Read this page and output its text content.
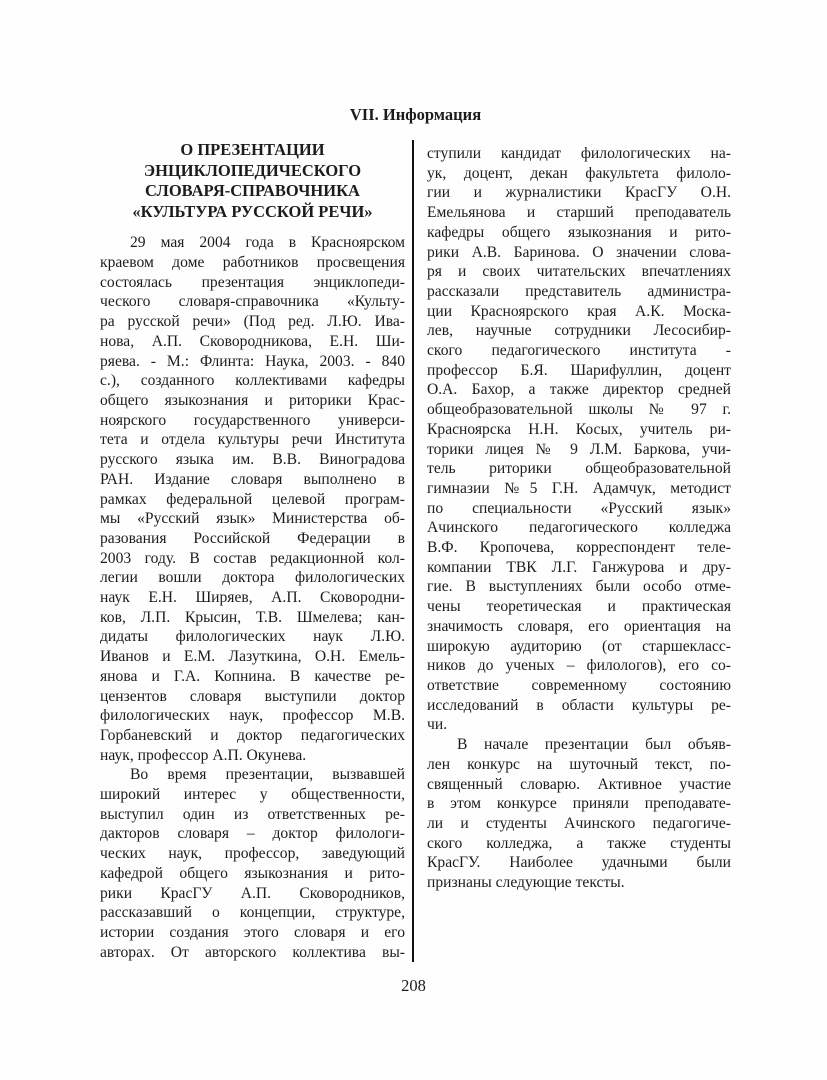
VII. Информация
О ПРЕЗЕНТАЦИИ
ЭНЦИКЛОПЕДИЧЕСКОГО
СЛОВАРЯ-СПРАВОЧНИКА
«КУЛЬТУРА РУССКОЙ РЕЧИ»
29 мая 2004 года в Красноярском
краевом доме работников просвещения
состоялась презентация энциклопеди-
ческого словаря-справочника «Культу-
ра русской речи» (Под ред. Л.Ю. Ива-
нова, А.П. Сковородникова, Е.Н. Ши-
ряева. - М.: Флинта: Наука, 2003. - 840
с.), созданного коллективами кафедры
общего языкознания и риторики Крас-
ноярского государственного универси-
тета и отдела культуры речи Института
русского языка им. В.В. Виноградова
РАН. Издание словаря выполнено в
рамках федеральной целевой програм-
мы «Русский язык» Министерства об-
разования Российской Федерации в
2003 году. В состав редакционной кол-
легии вошли доктора филологических
наук Е.Н. Ширяев, А.П. Сковородни-
ков, Л.П. Крысин, Т.В. Шмелева; кан-
дидаты филологических наук Л.Ю.
Иванов и Е.М. Лазуткина, О.Н. Емель-
янова и Г.А. Копнина. В качестве ре-
цензентов словаря выступили доктор
филологических наук, профессор М.В.
Горбаневский и доктор педагогических
наук, профессор А.П. Окунева.
Во время презентации, вызвавшей
широкий интерес у общественности,
выступил один из ответственных ре-
дакторов словаря – доктор филологи-
ческих наук, профессор, заведующий
кафедрой общего языкознания и рито-
рики КрасГУ А.П. Сковородников,
рассказавший о концепции, структуре,
истории создания этого словаря и его
авторах. От авторского коллектива вы-
ступили кандидат филологических на-
ук, доцент, декан факультета филоло-
гии и журналистики КрасГУ О.Н.
Емельянова и старший преподаватель
кафедры общего языкознания и рито-
рики А.В. Баринова. О значении слова-
ря и своих читательских впечатлениях
рассказали представитель администра-
ции Красноярского края А.К. Моска-
лев, научные сотрудники Лесосибир-
ского педагогического института -
профессор Б.Я. Шарифуллин, доцент
О.А. Бахор, а также директор средней
общеобразовательной школы № 97 г.
Красноярска Н.Н. Косых, учитель ри-
торики лицея № 9 Л.М. Баркова, учи-
тель риторики общеобразовательной
гимназии №5 Г.Н. Адамчук, методист
по специальности «Русский язык»
Ачинского педагогического колледжа
В.Ф. Кропочева, корреспондент теле-
компании ТВК Л.Г. Ганжурова и дру-
гие. В выступлениях были особо отме-
чены теоретическая и практическая
значимость словаря, его ориентация на
широкую аудиторию (от старшекласс-
ников до ученых – филологов), его со-
ответствие современному состоянию
исследований в области культуры ре-
чи.
В начале презентации был объяв-
лен конкурс на шуточный текст, по-
священный словарю. Активное участие
в этом конкурсе приняли преподавате-
ли и студенты Ачинского педагогиче-
ского колледжа, а также студенты
КрасГУ. Наиболее удачными были
признаны следующие тексты.
208
